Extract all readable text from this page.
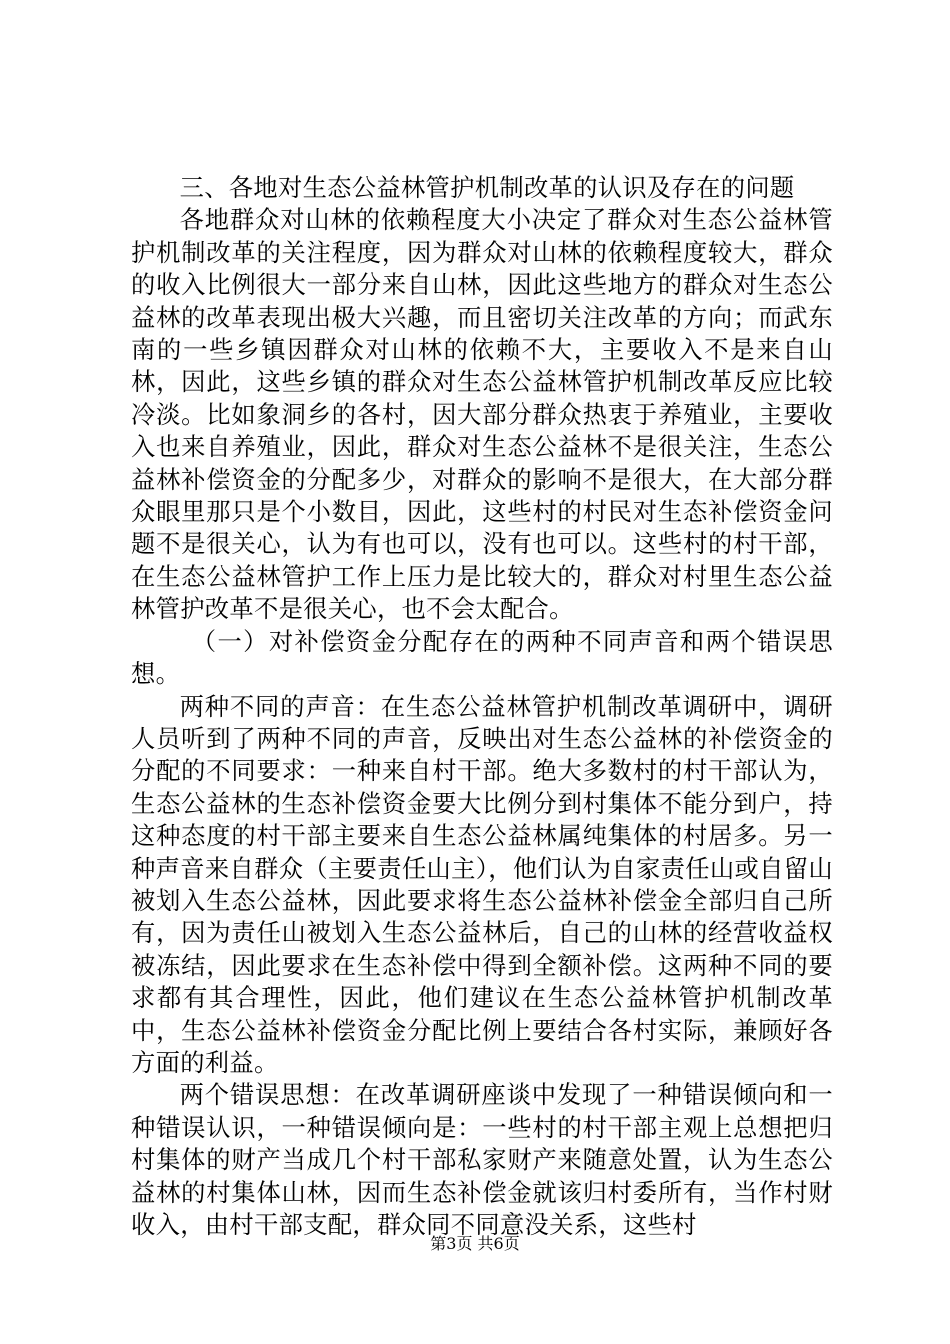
三、各地对生态公益林管护机制改革的认识及存在的问题

各地群众对山林的依赖程度大小决定了群众对生态公益林管护机制改革的关注程度，因为群众对山林的依赖程度较大，群众的收入比例很大一部分来自山林，因此这些地方的群众对生态公益林的改革表现出极大兴趣，而且密切关注改革的方向；而武东南的一些乡镇因群众对山林的依赖不大，主要收入不是来自山林，因此，这些乡镇的群众对生态公益林管护机制改革反应比较冷淡。比如象洞乡的各村，因大部分群众热衷于养殖业，主要收入也来自养殖业，因此，群众对生态公益林不是很关注，生态公益林补偿资金的分配多少，对群众的影响不是很大，在大部分群众眼里那只是个小数目，因此，这些村的村民对生态补偿资金问题不是很关心，认为有也可以，没有也可以。这些村的村干部，在生态公益林管护工作上压力是比较大的，群众对村里生态公益林管护改革不是很关心，也不会太配合。

（一）对补偿资金分配存在的两种不同声音和两个错误思想。

两种不同的声音：在生态公益林管护机制改革调研中，调研人员听到了两种不同的声音，反映出对生态公益林的补偿资金的分配的不同要求：一种来自村干部。绝大多数村的村干部认为，生态公益林的生态补偿资金要大比例分到村集体不能分到户，持这种态度的村干部主要来自生态公益林属纯集体的村居多。另一种声音来自群众（主要责任山主），他们认为自家责任山或自留山被划入生态公益林，因此要求将生态公益林补偿金全部归自己所有，因为责任山被划入生态公益林后，自己的山林的经营收益权被冻结，因此要求在生态补偿中得到全额补偿。这两种不同的要求都有其合理性，因此，他们建议在生态公益林管护机制改革中，生态公益林补偿资金分配比例上要结合各村实际，兼顾好各方面的利益。

两个错误思想：在改革调研座谈中发现了一种错误倾向和一种错误认识，一种错误倾向是：一些村的村干部主观上总想把归村集体的财产当成几个村干部私家财产来随意处置，认为生态公益林的村集体山林，因而生态补偿金就该归村委所有，当作村财收入，由村干部支配，群众同不同意没关系，这些村

第3页 共6页
